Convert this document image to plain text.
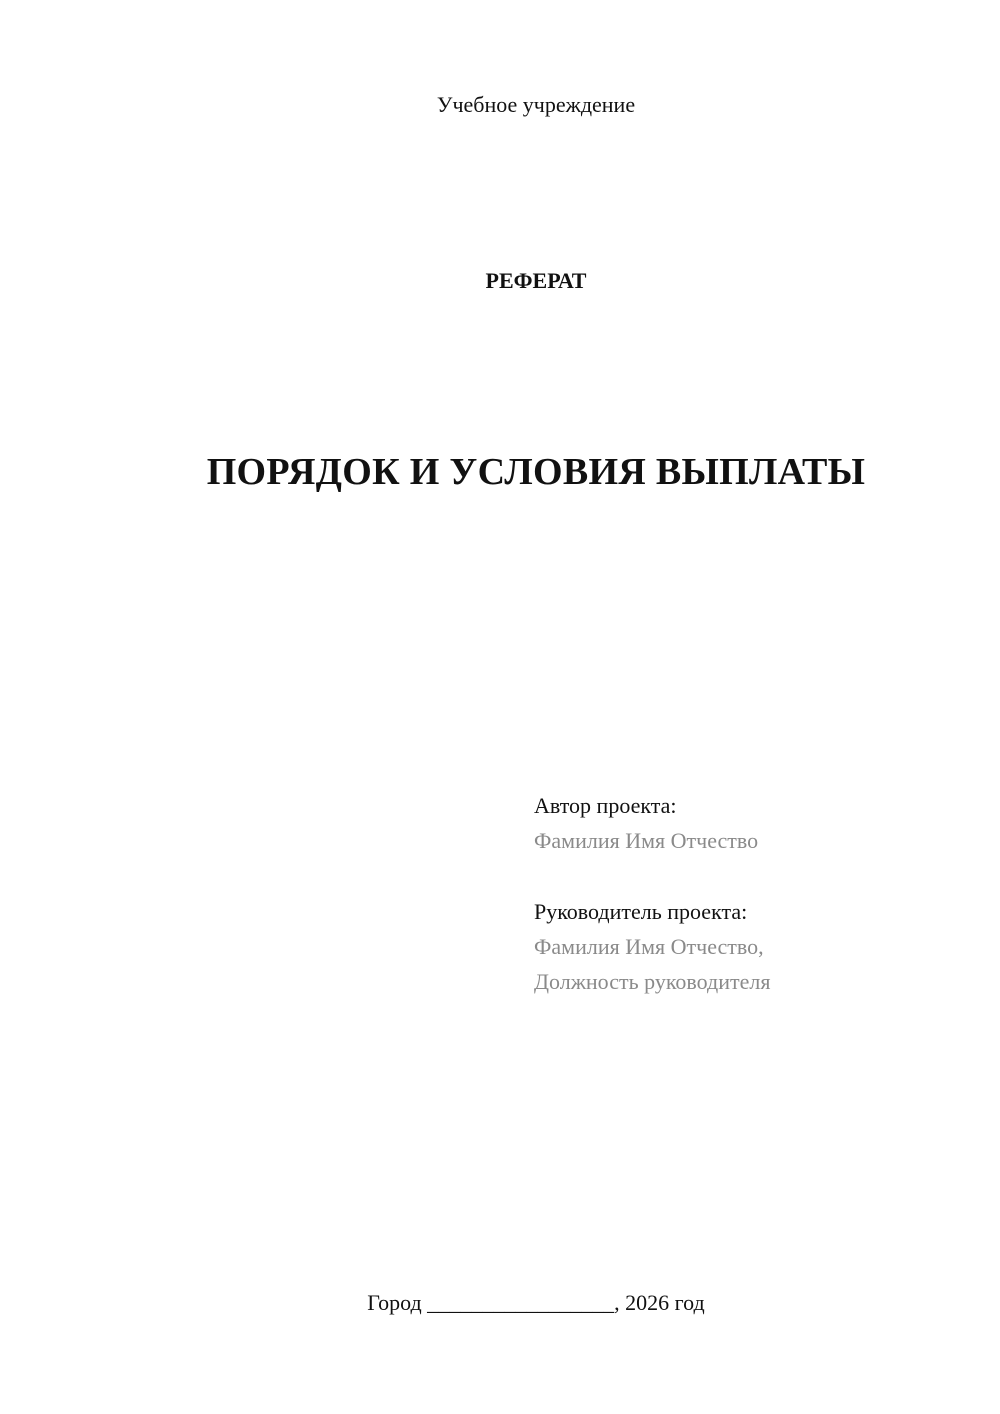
Учебное учреждение
РЕФЕРАТ
ПОРЯДОК И УСЛОВИЯ ВЫПЛАТЫ
Автор проекта:
Фамилия Имя Отчество
Руководитель проекта:
Фамилия Имя Отчество,
Должность руководителя
Город _________________, 2026 год
